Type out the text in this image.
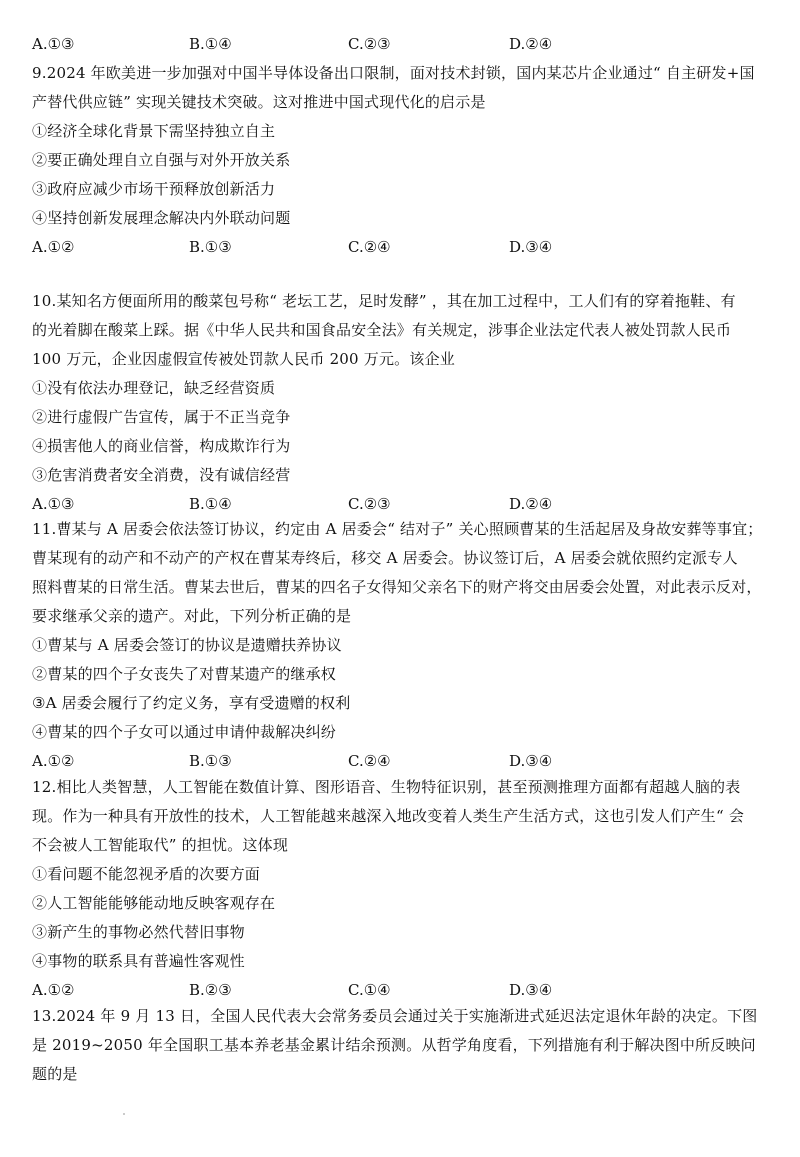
A.①③	B.①④	C.②③	D.②④
9.2024 年欧美进一步加强对中国半导体设备出口限制，面对技术封锁，国内某芯片企业通过“ 自主研发+国
产替代供应链” 实现关键技术突破。这对推进中国式现代化的启示是
①经济全球化背景下需坚持独立自主
②要正确处理自立自强与对外开放关系
③政府应减少市场干预释放创新活力
④坚持创新发展理念解决内外联动问题
A.①②	B.①③	C.②④	D.③④
10.某知名方便面所用的酸菜包号称“ 老坛工艺，足时发酵” ，其在加工过程中，工人们有的穿着拖鞋、有
的光着脚在酸菜上踩。据《中华人民共和国食品安全法》有关规定，涉事企业法定代表人被处罚款人民币
100 万元，企业因虚假宣传被处罚款人民币 200 万元。该企业
①没有依法办理登记，缺乏经营资质
②进行虚假广告宣传，属于不正当竞争
④损害他人的商业信誉，构成欺诈行为
③危害消费者安全消费，没有诚信经营
A.①③	B.①④	C.②③	D.②④
11.曹某与 A 居委会依法签订协议，约定由 A 居委会“ 结对子” 关心照顾曹某的生活起居及身故安葬等事宜；
曹某现有的动产和不动产的产权在曹某寿终后，移交 A 居委会。协议签订后，A 居委会就依照约定派专人
照料曹某的日常生活。曹某去世后，曹某的四名子女得知父亲名下的财产将交由居委会处置，对此表示反对，
要求继承父亲的遗产。对此，下列分析正确的是
①曹某与 A 居委会签订的协议是遗赠扶养协议
②曹某的四个子女丧失了对曹某遗产的继承权
③A 居委会履行了约定义务，享有受遗赠的权利
④曹某的四个子女可以通过申请仲裁解决纠纷
A.①②	B.①③	C.②④	D.③④
12.相比人类智慧，人工智能在数值计算、图形语音、生物特征识别，甚至预测推理方面都有超越人脑的表
现。作为一种具有开放性的技术，人工智能越来越深入地改变着人类生产生活方式，这也引发人们产生“ 会
不会被人工智能取代” 的担忧。这体现
①看问题不能忽视矛盾的次要方面
②人工智能能够能动地反映客观存在
③新产生的事物必然代替旧事物
④事物的联系具有普遍性客观性
A.①②	B.②③	C.①④	D.③④
13.2024 年 9 月 13 日，全国人民代表大会常务委员会通过关于实施渐进式延迟法定退休年龄的决定。下图
是 2019~2050 年全国职工基本养老基金累计结余预测。从哲学角度看，下列措施有利于解决图中所反映问
题的是
